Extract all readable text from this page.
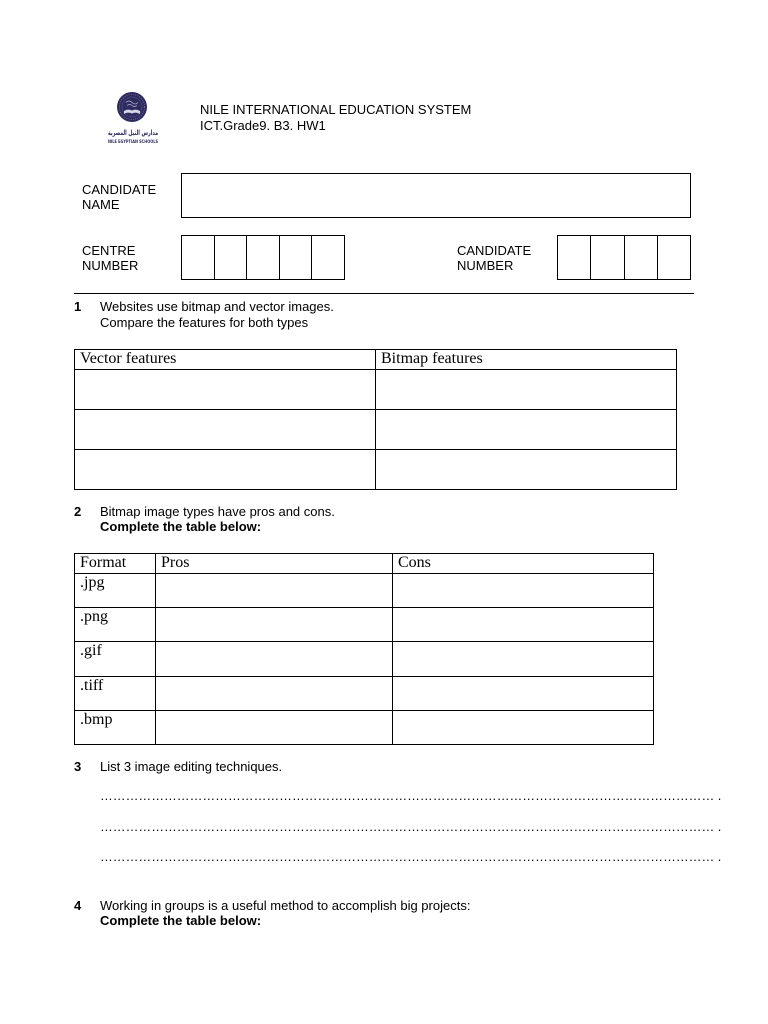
مدارس النيل المصرية
NILE EGYPTIAN SCHOOLS
NILE INTERNATIONAL EDUCATION SYSTEM
ICT.Grade9. B3. HW1
CANDIDATE
NAME
CENTRE
NUMBER
CANDIDATE
NUMBER
1 Websites use bitmap and vector images.
Compare the features for both types
Vector features	Bitmap features
2 Bitmap image types have pros and cons.
Complete the table below:
Format	Pros	Cons
.jpg
.png
.gif
.tiff
.bmp
3 List 3 image editing techniques.
……………………………………………………………………………………………………………………………… .
……………………………………………………………………………………………………………………………… .
……………………………………………………………………………………………………………………………… .
4 Working in groups is a useful method to accomplish big projects:
Complete the table below:
